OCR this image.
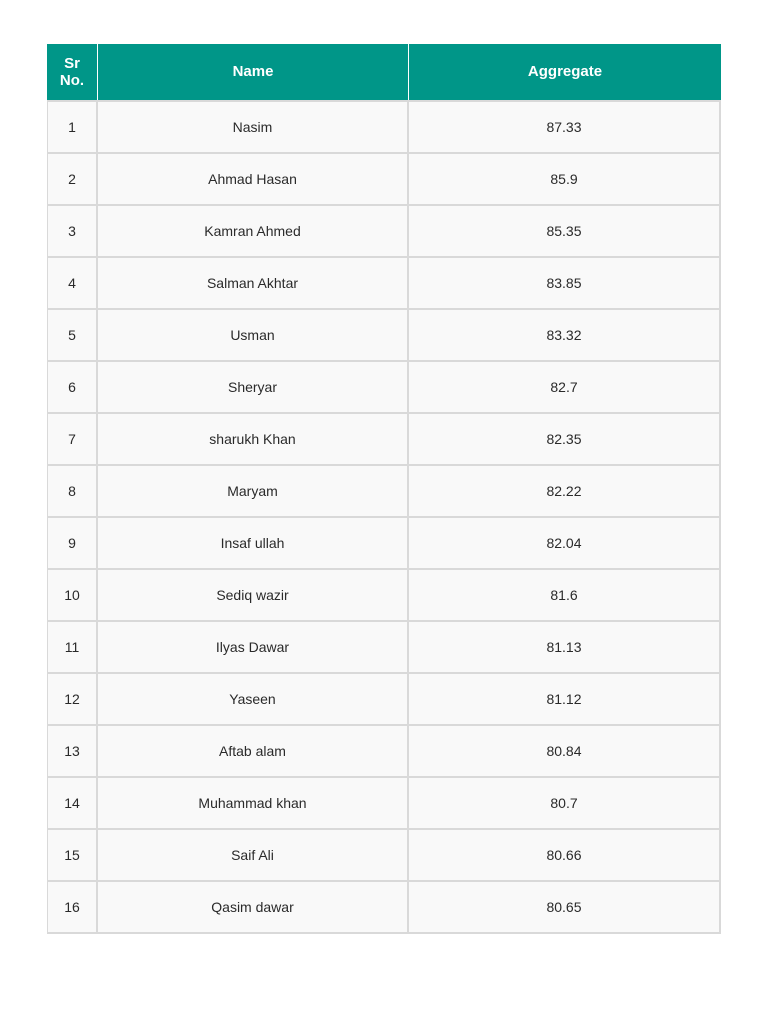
Sr
No.	Name	Aggregate
1	Nasim	87.33
2	Ahmad Hasan	85.9
3	Kamran Ahmed	85.35
4	Salman Akhtar	83.85
5	Usman	83.32
6	Sheryar	82.7
7	sharukh Khan	82.35
8	Maryam	82.22
9	Insaf ullah	82.04
10	Sediq wazir	81.6
11	Ilyas Dawar	81.13
12	Yaseen	81.12
13	Aftab alam	80.84
14	Muhammad khan	80.7
15	Saif Ali	80.66
16	Qasim dawar	80.65
